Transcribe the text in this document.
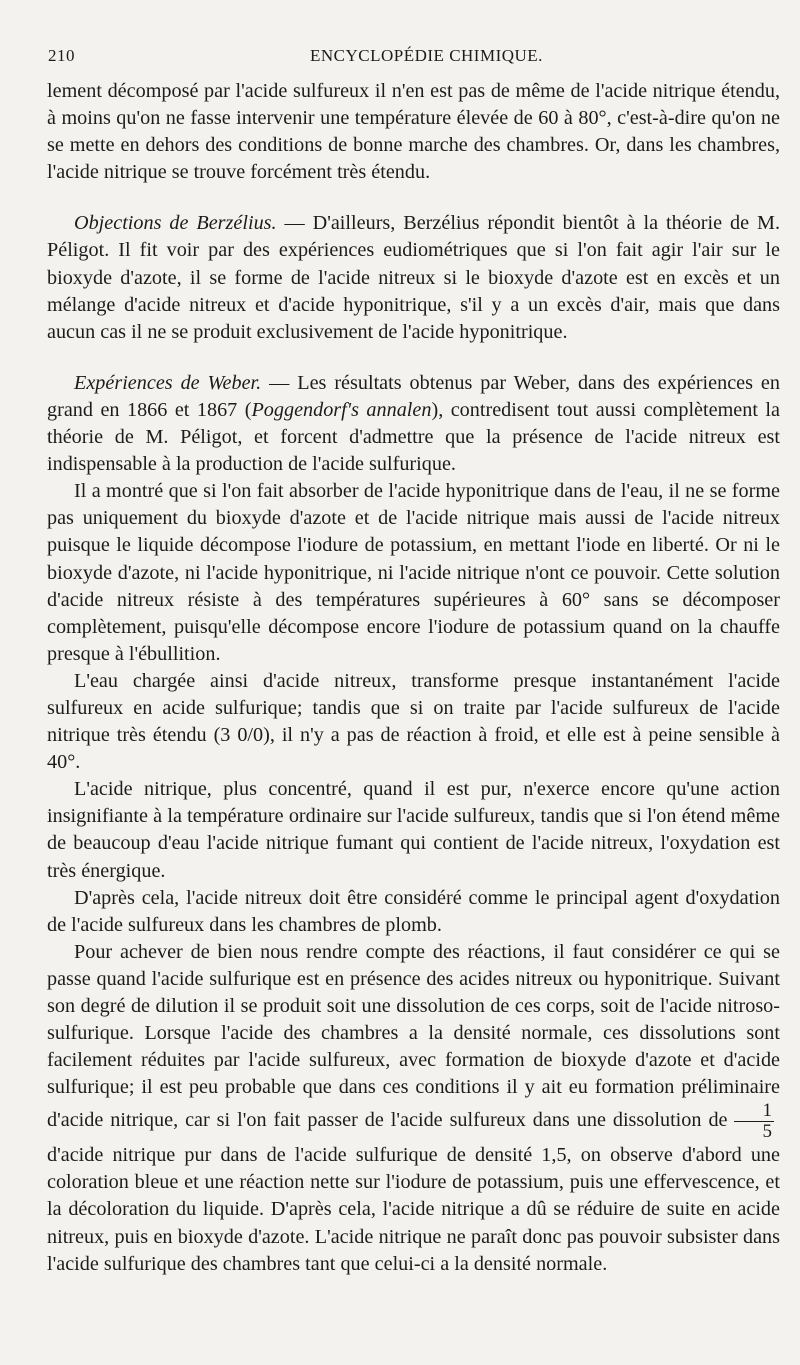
210	ENCYCLOPÉDIE CHIMIQUE.

lement décomposé par l'acide sulfureux il n'en est pas de même de l'acide nitrique étendu, à moins qu'on ne fasse intervenir une température élevée de 60 à 80°, c'est-à-dire qu'on ne se mette en dehors des conditions de bonne marche des chambres. Or, dans les chambres, l'acide nitrique se trouve forcément très étendu.

Objections de Berzélius. — D'ailleurs, Berzélius répondit bientôt à la théorie de M. Péligot. Il fit voir par des expériences eudiométriques que si l'on fait agir l'air sur le bioxyde d'azote, il se forme de l'acide nitreux si le bioxyde d'azote est en excès et un mélange d'acide nitreux et d'acide hyponitrique, s'il y a un excès d'air, mais que dans aucun cas il ne se produit exclusivement de l'acide hyponitrique.

Expériences de Weber. — Les résultats obtenus par Weber, dans des expériences en grand en 1866 et 1867 (Poggendorf's annalen), contredisent tout aussi complètement la théorie de M. Péligot, et forcent d'admettre que la présence de l'acide nitreux est indispensable à la production de l'acide sulfurique.

Il a montré que si l'on fait absorber de l'acide hyponitrique dans de l'eau, il ne se forme pas uniquement du bioxyde d'azote et de l'acide nitrique mais aussi de l'acide nitreux puisque le liquide décompose l'iodure de potassium, en mettant l'iode en liberté. Or ni le bioxyde d'azote, ni l'acide hyponitrique, ni l'acide nitrique n'ont ce pouvoir. Cette solution d'acide nitreux résiste à des températures supérieures à 60° sans se décomposer complètement, puisqu'elle décompose encore l'iodure de potassium quand on la chauffe presque à l'ébullition.

L'eau chargée ainsi d'acide nitreux, transforme presque instantanément l'acide sulfureux en acide sulfurique; tandis que si on traite par l'acide sulfureux de l'acide nitrique très étendu (3 0/0), il n'y a pas de réaction à froid, et elle est à peine sensible à 40°.

L'acide nitrique, plus concentré, quand il est pur, n'exerce encore qu'une action insignifiante à la température ordinaire sur l'acide sulfureux, tandis que si l'on étend même de beaucoup d'eau l'acide nitrique fumant qui contient de l'acide nitreux, l'oxydation est très énergique.

D'après cela, l'acide nitreux doit être considéré comme le principal agent d'oxydation de l'acide sulfureux dans les chambres de plomb.

Pour achever de bien nous rendre compte des réactions, il faut considérer ce qui se passe quand l'acide sulfurique est en présence des acides nitreux ou hyponitrique. Suivant son degré de dilution il se produit soit une dissolution de ces corps, soit de l'acide nitroso-sulfurique. Lorsque l'acide des chambres a la densité normale, ces dissolutions sont facilement réduites par l'acide sulfureux, avec formation de bioxyde d'azote et d'acide sulfurique; il est peu probable que dans ces conditions il y ait eu formation préliminaire d'acide nitrique, car si l'on fait passer de l'acide sulfureux dans une dissolution de $\frac{1}{5}$
d'acide nitrique pur dans de l'acide sulfurique de densité 1,5, on observe d'abord une coloration bleue et une réaction nette sur l'iodure de potassium, puis une effervescence, et la décoloration du liquide. D'après cela, l'acide nitrique a dû se réduire de suite en acide nitreux, puis en bioxyde d'azote. L'acide nitrique ne paraît donc pas pouvoir subsister dans l'acide sulfurique des chambres tant que celui-ci a la densité normale.
